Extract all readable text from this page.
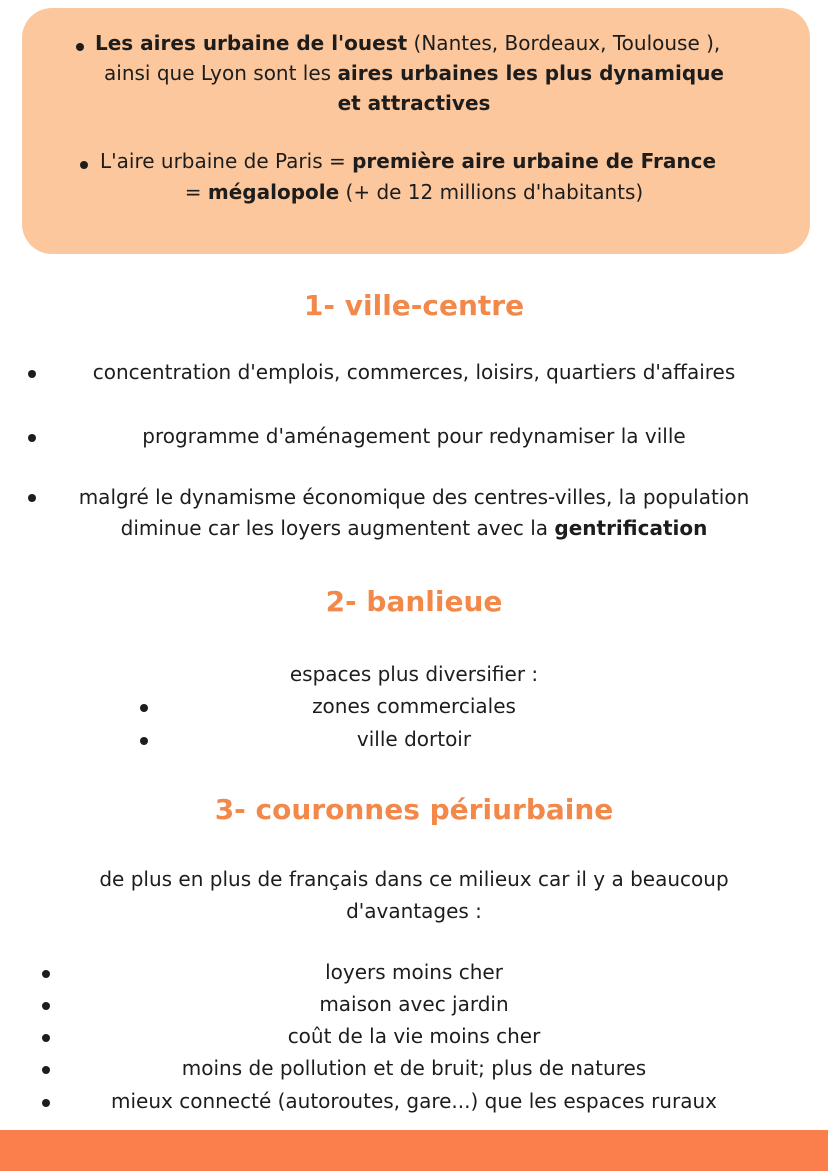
Les aires urbaine de l'ouest (Nantes, Bordeaux, Toulouse ),
ainsi que Lyon sont les aires urbaines les plus dynamique
et attractives
L'aire urbaine de Paris = première aire urbaine de France
= mégalopole (+ de 12 millions d'habitants)
1- ville-centre
concentration d'emplois, commerces, loisirs, quartiers d'affaires
programme d'aménagement pour redynamiser la ville
malgré le dynamisme économique des centres-villes, la population
diminue car les loyers augmentent avec la gentrification
2- banlieue
espaces plus diversifier :
zones commerciales
ville dortoir
3- couronnes périurbaine
de plus en plus de français dans ce milieux car il y a beaucoup
d'avantages :
loyers moins cher
maison avec jardin
coût de la vie moins cher
moins de pollution et de bruit; plus de natures
mieux connecté (autoroutes, gare...) que les espaces ruraux
